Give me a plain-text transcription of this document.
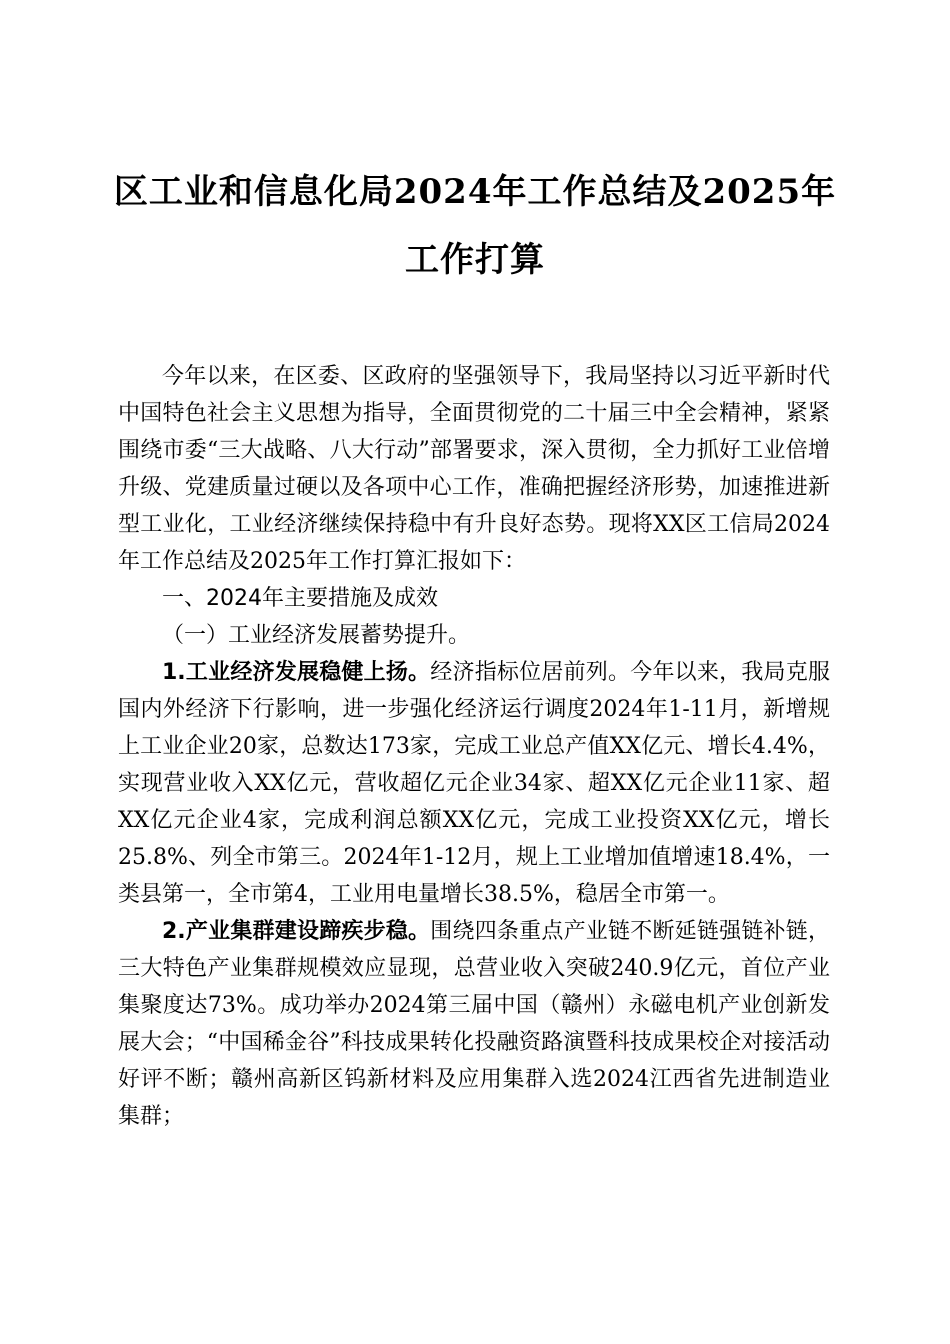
区工业和信息化局2024年工作总结及2025年
工作打算

今年以来，在区委、区政府的坚强领导下，我局坚持以习近平新时代中国特色社会主义思想为指导，全面贯彻党的二十届三中全会精神，紧紧围绕市委“三大战略、八大行动”部署要求，深入贯彻，全力抓好工业倍增升级、党建质量过硬以及各项中心工作，准确把握经济形势，加速推进新型工业化，工业经济继续保持稳中有升良好态势。现将XX区工信局2024年工作总结及2025年工作打算汇报如下：

一、2024年主要措施及成效

（一）工业经济发展蓄势提升。

1.工业经济发展稳健上扬。经济指标位居前列。今年以来，我局克服国内外经济下行影响，进一步强化经济运行调度2024年1-11月，新增规上工业企业20家，总数达173家，完成工业总产值XX亿元、增长4.4%，实现营业收入XX亿元，营收超亿元企业34家、超XX亿元企业11家、超XX亿元企业4家，完成利润总额XX亿元，完成工业投资XX亿元，增长25.8%、列全市第三。2024年1-12月，规上工业增加值增速18.4%，一类县第一，全市第4，工业用电量增长38.5%，稳居全市第一。

2.产业集群建设蹄疾步稳。围绕四条重点产业链不断延链强链补链，三大特色产业集群规模效应显现，总营业收入突破240.9亿元，首位产业集聚度达73%。成功举办2024第三届中国（赣州）永磁电机产业创新发展大会；“中国稀金谷”科技成果转化投融资路演暨科技成果校企对接活动好评不断；赣州高新区钨新材料及应用集群入选2024江西省先进制造业集群；
